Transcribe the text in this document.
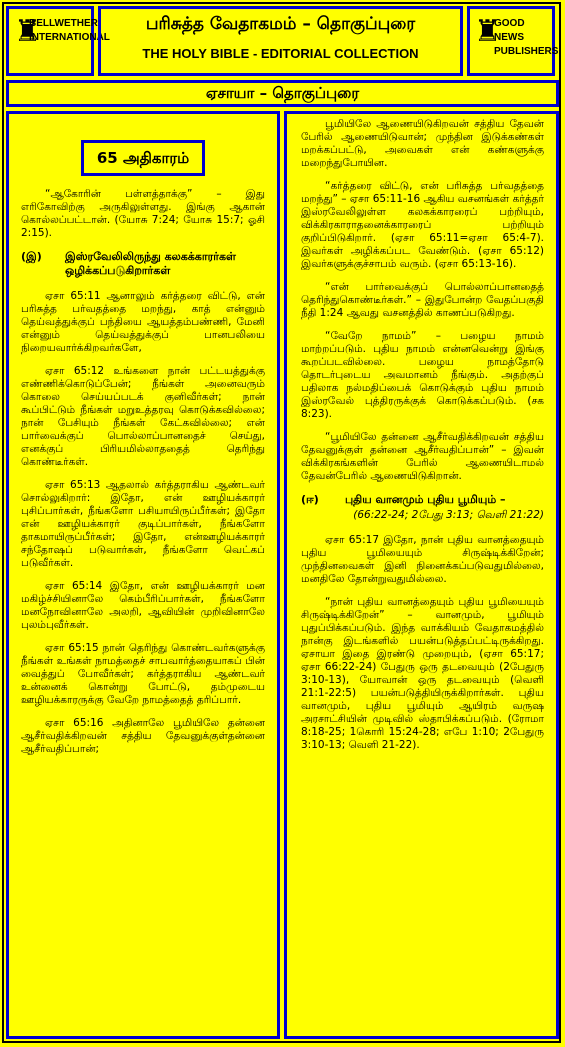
♜
BELLWETHER INTERNATIONAL
பரிசுத்த வேதாகமம் – தொகுப்புரை
THE HOLY BIBLE - EDITORIAL COLLECTION
♜
GOOD NEWS PUBLISHERS
ஏசாயா – தொகுப்புரை
65 அதிகாரம்

“ஆகோரின் பள்ளத்தாக்கு” – இது எரிகோவிற்கு அருகிலுள்ளது. இங்கு ஆகான் கொல்லப்பட்டான். (யோசு 7:24; யோசு 15:7; ஓசி 2:15).

(இ)	இஸ்ரவேலிலிருந்து கலகக்காரர்கள் ஒழிக்கப்படுகிறார்கள்

ஏசா 65:11 ஆனாலும் கர்த்தரை விட்டு, என் பரிசுத்த பர்வதத்தை மறந்து, காத் என்னும் தெய்வத்துக்குப் பந்தியை ஆயத்தம்பண்ணி, மேனி என்னும் தெய்வத்துக்குப் பானபலியை நிறையவார்க்கிறவர்களே,

ஏசா 65:12 உங்களை நான் பட்டயத்துக்கு எண்ணிக்கொடுப்பேன்; நீங்கள் அனைவரும் கொலை செய்யப்படக் குனிவீர்கள்; நான் கூப்பிட்டும் நீங்கள் மறுஉத்தரவு கொடுக்கவில்லை; நான் பேசியும் நீங்கள் கேட்கவில்லை; என் பார்வைக்குப் பொல்லாப்பானதைச் செய்து, எனக்குப் பிரியமில்லாததைத் தெரிந்து கொண்டீர்கள்.

ஏசா 65:13 ஆதலால் கர்த்தராகிய ஆண்டவர் சொல்லுகிறார்: இதோ, என் ஊழியக்காரர் புசிப்பார்கள், நீங்களோ பசியாயிருப்பீர்கள்; இதோ என் ஊழியக்காரர் குடிப்பார்கள், நீங்களோ தாகமாயிருப்பீர்கள்; இதோ, என்ஊழியக்காரர் சந்தோஷப் படுவார்கள், நீங்களோ வெட்கப் படுவீர்கள்.

ஏசா 65:14 இதோ, என் ஊழியக்காரர் மன மகிழ்ச்சியினாலே கெம்பீரிப்பார்கள், நீங்களோ மனநோவினாலே அலறி, ஆவியின் முறிவினாலே புலம்புவீர்கள்.

ஏசா 65:15 நான் தெரிந்து கொண்டவர்களுக்கு நீங்கள் உங்கள் நாமத்தைச் சாபவார்த்தையாகப் பின் வைத்துப் போவீர்கள்; கர்த்தராகிய ஆண்டவர் உன்னைக் கொன்று போட்டு, தம்முடைய ஊழியக்காரருக்கு வேறே நாமத்தைத் தரிப்பார்.

ஏசா 65:16 அதினாலே பூமியிலே தன்னை ஆசீர்வதிக்கிறவன் சத்திய தேவனுக்குள்தன்னை ஆசீர்வதிப்பான்;

பூமியிலே ஆணையிடுகிறவன் சத்திய தேவன் பேரில் ஆணையிடுவான்; முந்தின இடுக்கண்கள் மறக்கப்பட்டு, அவைகள் என் கண்களுக்கு மறைந்துபோயின.

“கர்த்தரை விட்டு, என் பரிசுத்த பர்வதத்தை மறந்து” – ஏசா 65:11-16 ஆகிய வசனங்கள் கர்த்தர் இஸ்ரவேலிலுள்ள கலகக்காரரைப் பற்றியும், விக்கிரகாராதனைக்காரரைப் பற்றியும் குறிப்பிடுகிறார். (ஏசா 65:11=ஏசா 65:4-7). இவர்கள் அழிக்கப்பட வேண்டும். (ஏசா 65:12) இவர்களுக்குச்சாபம் வரும். (ஏசா 65:13-16).

“என் பார்வைக்குப் பொல்லாப்பானதைத் தெரிந்துகொண்டீர்கள்.” – இதுபோன்ற வேதப்பகுதி நீதி 1:24 ஆவது வசனத்தில் காணப்படுகிறது.

“வேறே நாமம்” – பழைய நாமம் மாற்றப்படும். புதிய நாமம் என்னவென்று இங்கு கூறப்படவில்லை. பழைய நாமத்தோடு தொடர்புடைய அவமானம் நீங்கும். அதற்குப் பதிலாக நல்மதிப்பைக் கொடுக்கும் புதிய நாமம் இஸ்ரவேல் புத்திரருக்குக் கொடுக்கப்படும். (சக 8:23).

“பூமியிலே தன்னை ஆசீர்வதிக்கிறவன் சத்திய தேவனுக்குள் தன்னை ஆசீர்வதிப்பான்” – இவன் விக்கிரகங்களின் பேரில் ஆணையிடாமல் தேவன்பேரில் ஆணையிடுகிறான்.

(ஈ)	புதிய வானமும் புதிய பூமியும் –
(66:22-24; 2பேது 3:13; வெளி 21:22)

ஏசா 65:17 இதோ, நான் புதிய வானத்தையும் புதிய பூமியையும் சிருஷ்டிக்கிறேன்; முந்தினவைகள் இனி நினைக்கப்படுவதுமில்லை, மனதிலே தோன்றுவதுமில்லை.

“நான் புதிய வானத்தையும் புதிய பூமியையும் சிருஷ்டிக்கிறேன்” – வானமும், பூமியும் புதுப்பிக்கப்படும். இந்த வாக்கியம் வேதாகமத்தில் நான்கு இடங்களில் பயன்படுத்தப்பட்டிருக்கிறது. ஏசாயா இதை இரண்டு முறையும், (ஏசா 65:17; ஏசா 66:22-24) பேதுரு ஒரு தடவையும் (2பேதுரு 3:10-13), யோவான் ஒரு தடவையும் (வெளி 21:1-22:5) பயன்படுத்தியிருக்கிறார்கள். புதிய வானமும், புதிய பூமியும் ஆயிரம் வருஷ அரசாட்சியின் முடிவில் ஸ்தாபிக்கப்படும். (ரோமா 8:18-25; 1கொரி 15:24-28; எபே 1:10; 2பேதுரு 3:10-13; வெளி 21-22).
